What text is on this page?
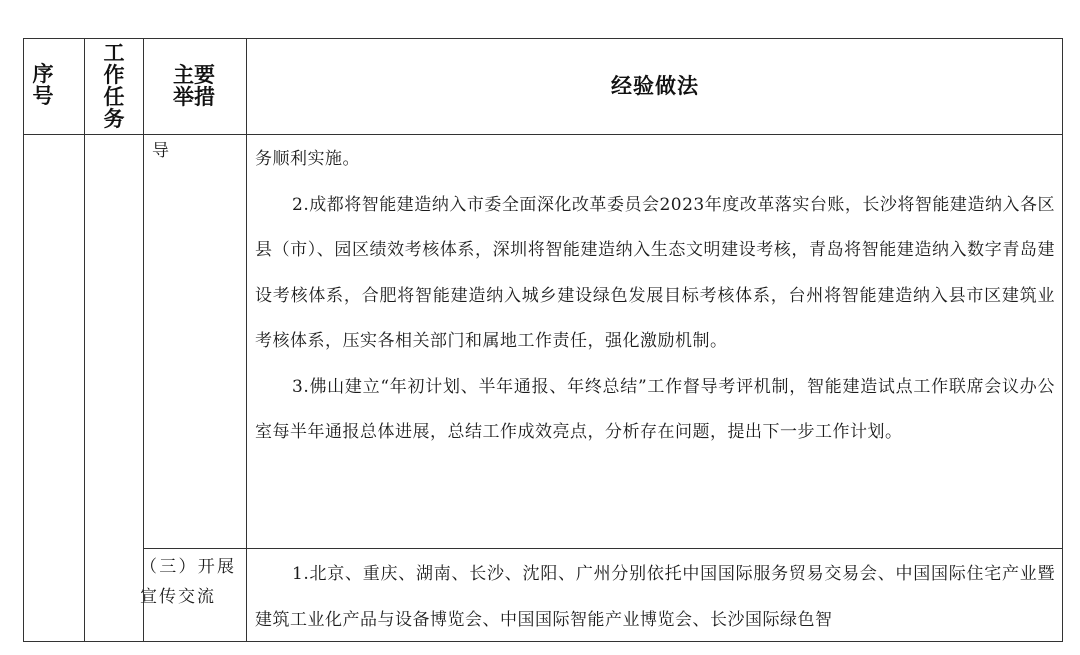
序号
工作任务
主要举措	经验做法
导	务顺利实施。

2.成都将智能建造纳入市委全面深化改革委员会2023年度改革落实台账，长沙将智能建造纳入各区县（市）、园区绩效考核体系，深圳将智能建造纳入生态文明建设考核，青岛将智能建造纳入数字青岛建设考核体系，合肥将智能建造纳入城乡建设绿色发展目标考核体系，台州将智能建造纳入县市区建筑业考核体系，压实各相关部门和属地工作责任，强化激励机制。

3.佛山建立“年初计划、半年通报、年终总结”工作督导考评机制，智能建造试点工作联席会议办公室每半年通报总体进展，总结工作成效亮点，分析存在问题，提出下一步工作计划。

（三）开展宣传交流

1.北京、重庆、湖南、长沙、沈阳、广州分别依托中国国际服务贸易交易会、中国国际住宅产业暨建筑工业化产品与设备博览会、中国国际智能产业博览会、长沙国际绿色智
